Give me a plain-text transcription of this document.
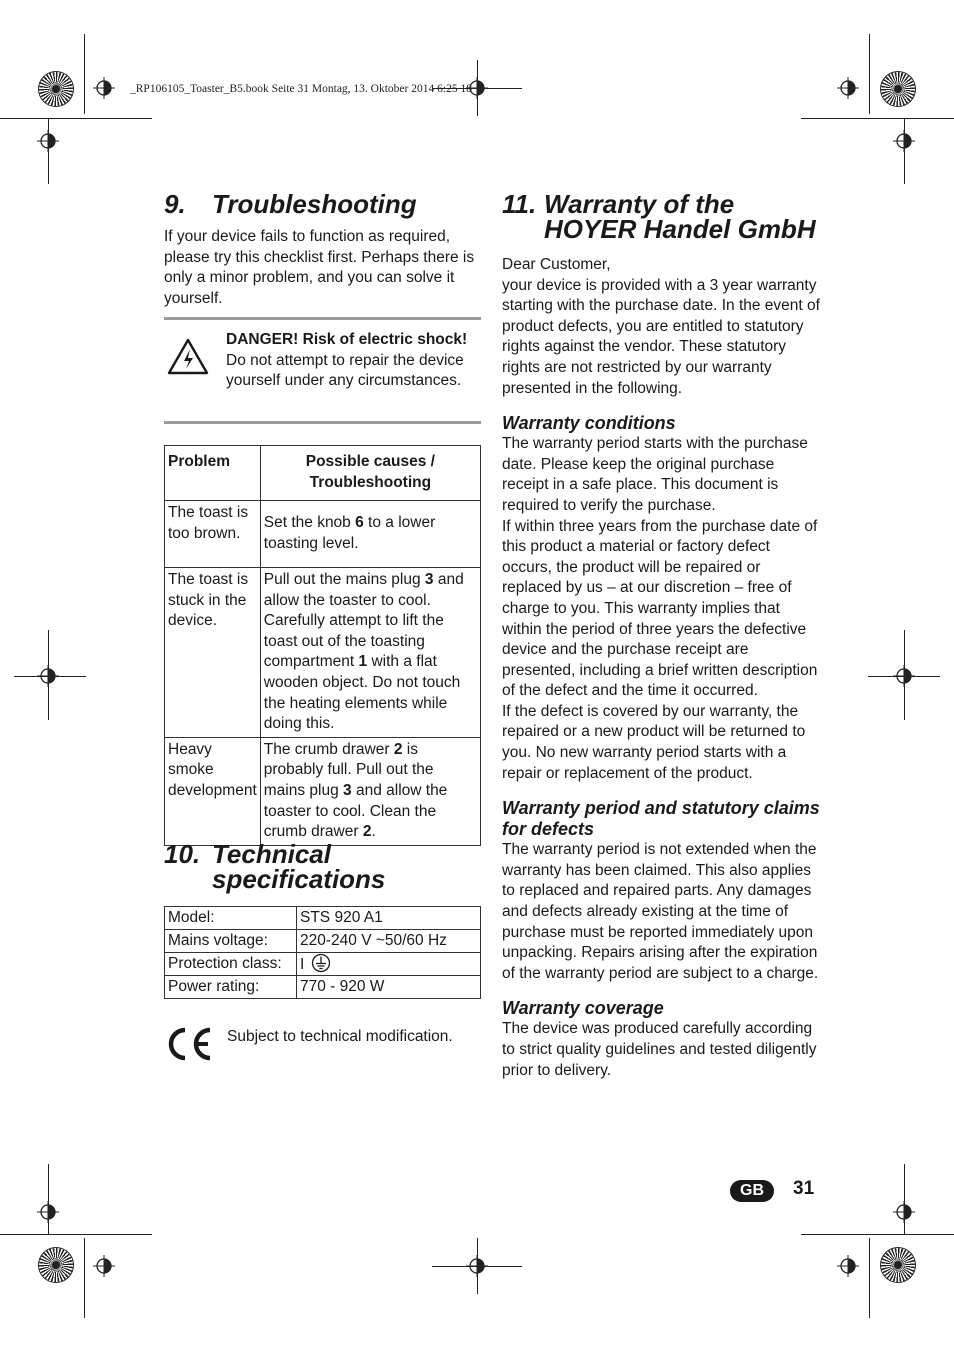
_RP106105_Toaster_B5.book Seite 31 Montag, 13. Oktober 2014 6:25 18
9. Troubleshooting

If your device fails to function as required, please try this checklist first. Perhaps there is only a minor problem, and you can solve it yourself.

DANGER! Risk of electric shock! Do not attempt to repair the device yourself under any circumstances.
Problem	Possible causes / Troubleshooting
The toast is too brown.	Set the knob 6 to a lower toasting level.
The toast is stuck in the device.	Pull out the mains plug 3 and allow the toaster to cool. Carefully attempt to lift the toast out of the toasting compartment 1 with a flat wooden object. Do not touch the heating elements while doing this.
Heavy smoke development	The crumb drawer 2 is probably full. Pull out the mains plug 3 and allow the toaster to cool. Clean the crumb drawer 2.
10. Technical
specifications
Model:	STS 920 A1
Mains voltage:	220-240 V ~50/60 Hz
Protection class:	I
Power rating:	770 - 920 W
Subject to technical modification.
11. Warranty of the
HOYER Handel GmbH

Dear Customer,

your device is provided with a 3 year warranty starting with the purchase date. In the event of product defects, you are entitled to statutory rights against the vendor. These statutory rights are not restricted by our warranty presented in the following.

Warranty conditions

The warranty period starts with the purchase date. Please keep the original purchase receipt in a safe place. This document is required to verify the purchase.

If within three years from the purchase date of this product a material or factory defect occurs, the product will be repaired or replaced by us – at our discretion – free of charge to you. This warranty implies that within the period of three years the defective device and the purchase receipt are presented, including a brief written description of the defect and the time it occurred.

If the defect is covered by our warranty, the repaired or a new product will be returned to you. No new warranty period starts with a repair or replacement of the product.

Warranty period and statutory claims for defects

The warranty period is not extended when the warranty has been claimed. This also applies to replaced and repaired parts. Any damages and defects already existing at the time of purchase must be reported immediately upon unpacking. Repairs arising after the expiration of the warranty period are subject to a charge.

Warranty coverage

The device was produced carefully according to strict quality guidelines and tested diligently prior to delivery.

GB	31
